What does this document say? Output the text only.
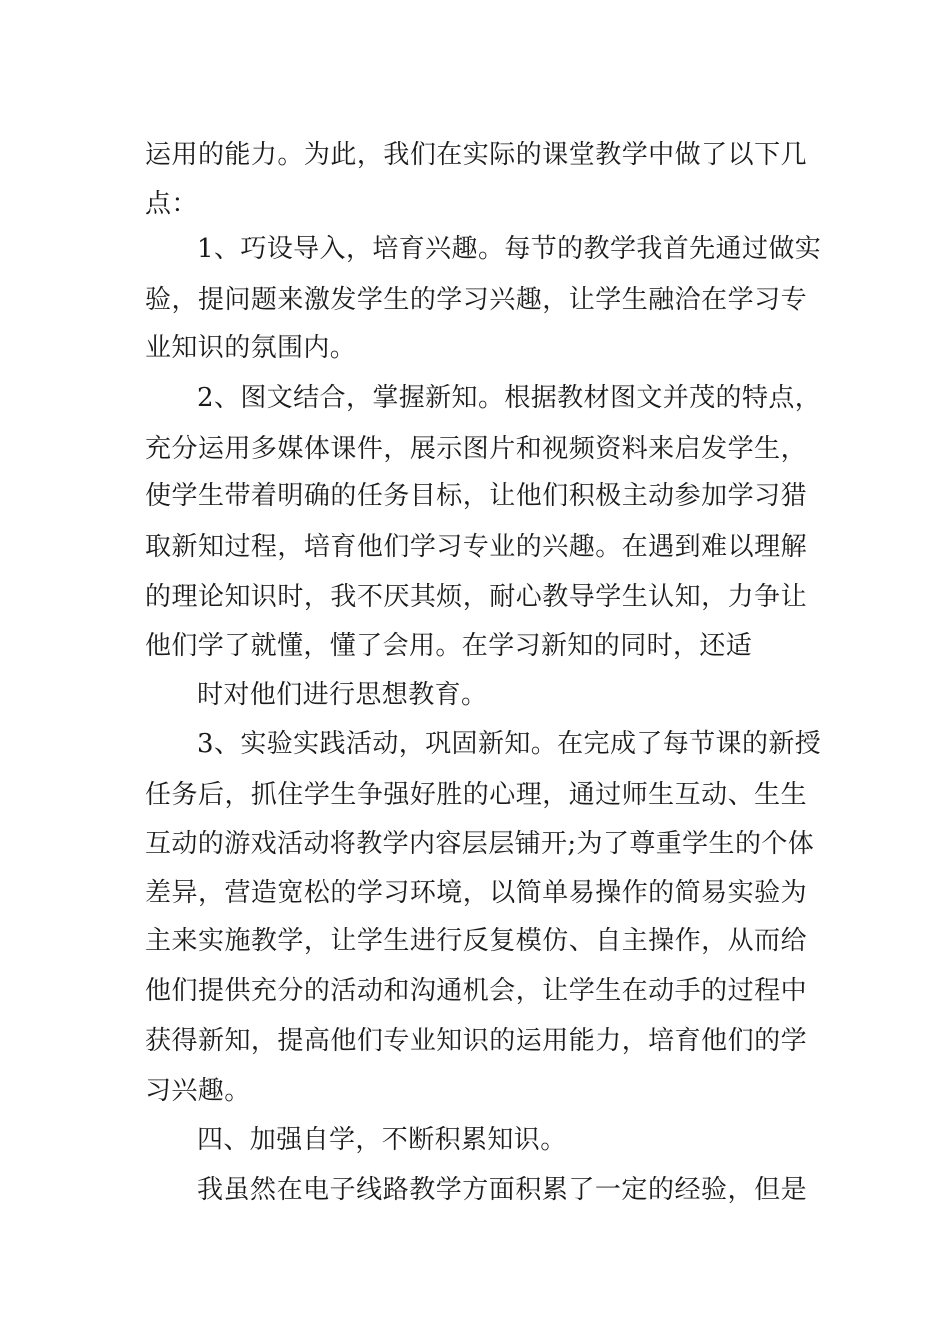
运用的能力。为此，我们在实际的课堂教学中做了以下几
点：
1、巧设导入，培育兴趣。每节的教学我首先通过做实
验，提问题来激发学生的学习兴趣，让学生融洽在学习专
业知识的氛围内。
2、图文结合，掌握新知。根据教材图文并茂的特点，
充分运用多媒体课件，展示图片和视频资料来启发学生，
使学生带着明确的任务目标，让他们积极主动参加学习猎
取新知过程，培育他们学习专业的兴趣。在遇到难以理解
的理论知识时，我不厌其烦，耐心教导学生认知，力争让
他们学了就懂，懂了会用。在学习新知的同时，还适
时对他们进行思想教育。
3、实验实践活动，巩固新知。在完成了每节课的新授
任务后，抓住学生争强好胜的心理，通过师生互动、生生
互动的游戏活动将教学内容层层铺开;为了尊重学生的个体
差异，营造宽松的学习环境，以简单易操作的简易实验为
主来实施教学，让学生进行反复模仿、自主操作，从而给
他们提供充分的活动和沟通机会，让学生在动手的过程中
获得新知，提高他们专业知识的运用能力，培育他们的学
习兴趣。
四、加强自学，不断积累知识。
我虽然在电子线路教学方面积累了一定的经验，但是
